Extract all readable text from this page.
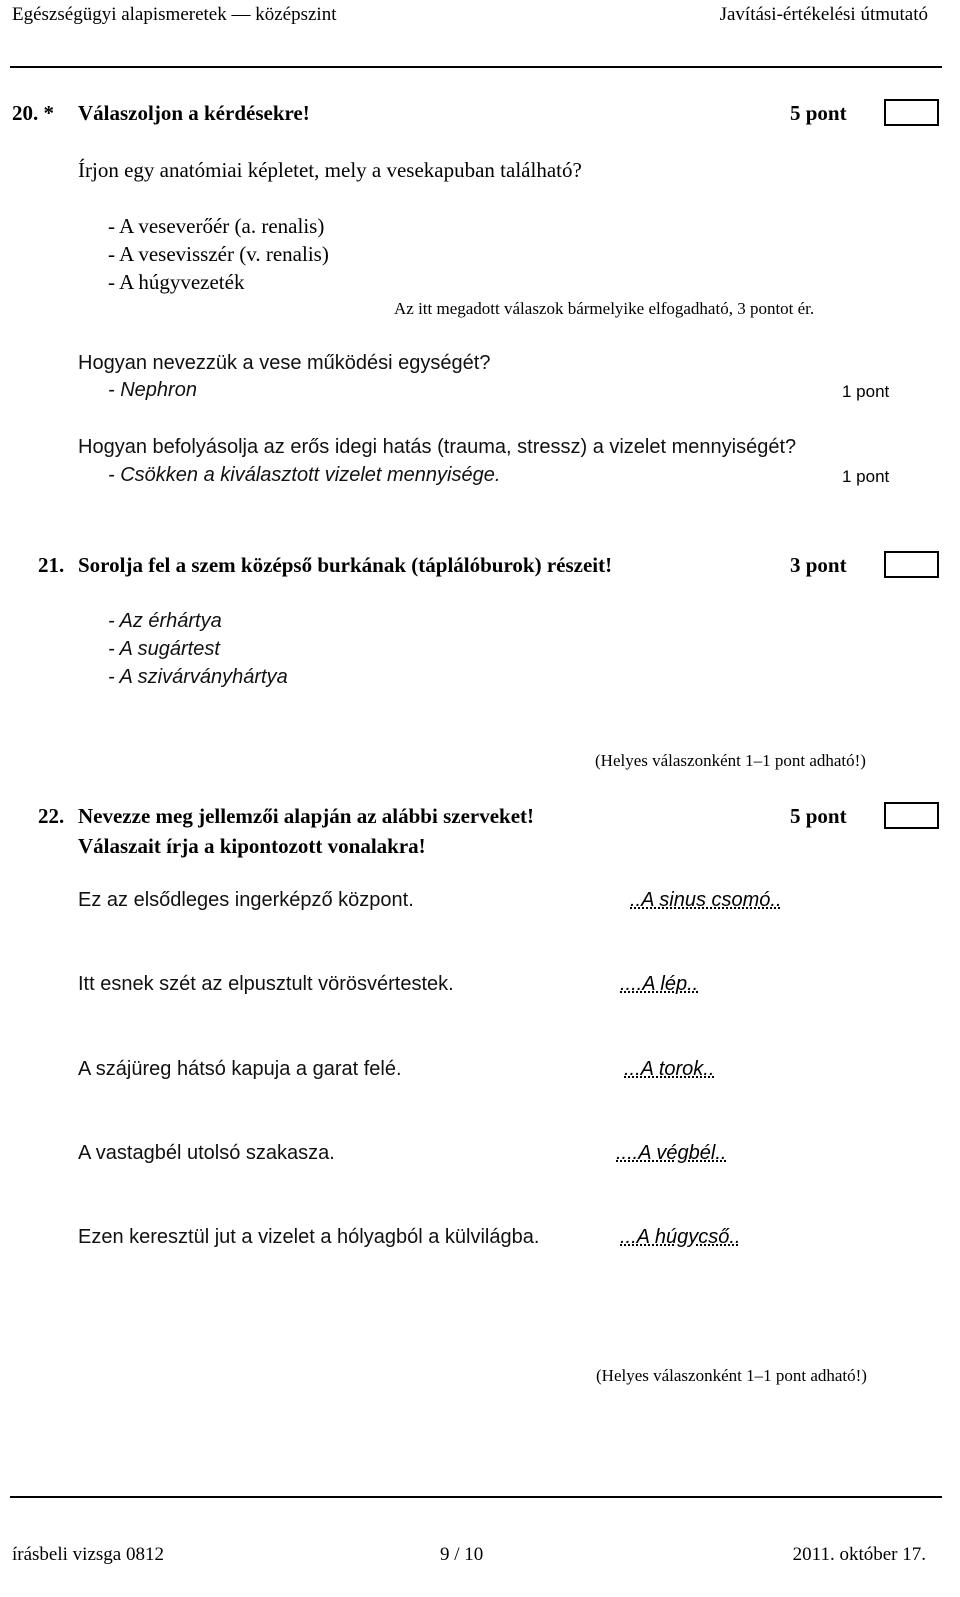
Egészségügyi alapismeretek — középszint	Javítási-értékelési útmutató
20. * Válaszoljon a kérdésekre!	5 pont
Írjon egy anatómiai képletet, mely a vesekapuban található?
- A veseverőér (a. renalis)
- A vesevisszér (v. renalis)
- A húgyvezeték
Az itt megadott válaszok bármelyike elfogadható, 3 pontot ér.
Hogyan nevezzük a vese működési egységét?
- Nephron	1 pont
Hogyan befolyásolja az erős idegi hatás (trauma, stressz) a vizelet mennyiségét?
- Csökken a kiválasztott vizelet mennyisége.	1 pont
21. Sorolja fel a szem középső burkának (táplálóburok) részeit!	3 pont
- Az érhártya
- A sugártest
- A szivárványhártya
(Helyes válaszonként 1–1 pont adható!)
22. Nevezze meg jellemzői alapján az alábbi szerveket!
Válaszait írja a kipontozott vonalakra!
5 pont
Ez az elsődleges ingerképző központ.	..A sinus csomó..
Itt esnek szét az elpusztult vörösvértestek.	....A lép..
A szájüreg hátsó kapuja a garat felé.	...A torok..
A vastagbél utolsó szakasza.	....A végbél..
Ezen keresztül jut a vizelet a hólyagból a külvilágba.	...A húgycső..
(Helyes válaszonként 1–1 pont adható!)
írásbeli vizsga 0812	9 / 10	2011. október 17.
